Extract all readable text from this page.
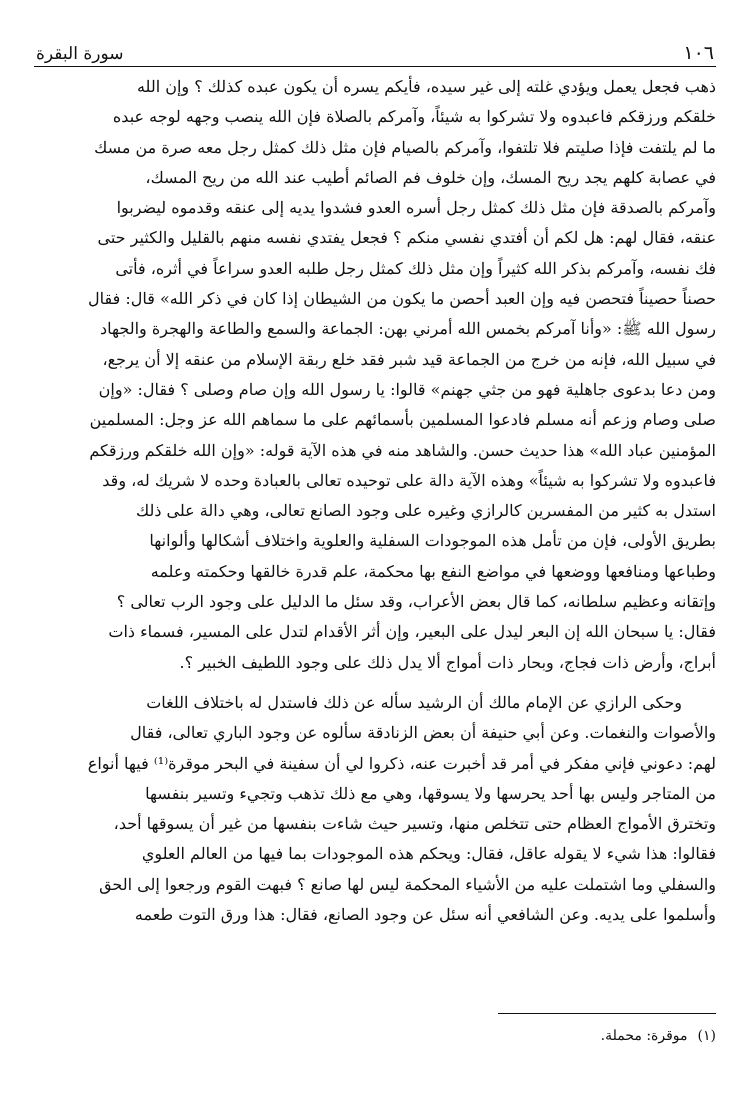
١٠٦
سورة البقرة
ذهب فجعل يعمل ويؤدي غلته إلى غير سيده، فأيكم يسره أن يكون عبده كذلك ؟ وإن الله
خلقكم ورزقكم فاعبدوه ولا تشركوا به شيئاً، وآمركم بالصلاة فإن الله ينصب وجهه لوجه عبده
ما لم يلتفت فإذا صليتم فلا تلتفوا، وآمركم بالصيام فإن مثل ذلك كمثل رجل معه صرة من مسك
في عصابة كلهم يجد ريح المسك، وإن خلوف فم الصائم أطيب عند الله من ريح المسك،
وآمركم بالصدقة فإن مثل ذلك كمثل رجل أسره العدو فشدوا يديه إلى عنقه وقدموه ليضربوا
عنقه، فقال لهم: هل لكم أن أفتدي نفسي منكم ؟ فجعل يفتدي نفسه منهم بالقليل والكثير حتى
فك نفسه، وآمركم بذكر الله كثيراً وإن مثل ذلك كمثل رجل طلبه العدو سراعاً في أثره، فأتى
حصناً حصيناً فتحصن فيه وإن العبد أحصن ما يكون من الشيطان إذا كان في ذكر الله» قال: فقال
رسول الله ﷺ: «وأنا آمركم بخمس الله أمرني بهن: الجماعة والسمع والطاعة والهجرة والجهاد
في سبيل الله، فإنه من خرج من الجماعة قيد شبر فقد خلع ربقة الإسلام من عنقه إلا أن يرجع،
ومن دعا بدعوى جاهلية فهو من جثي جهنم» قالوا: يا رسول الله وإن صام وصلى ؟ فقال: «وإن
صلى وصام وزعم أنه مسلم فادعوا المسلمين بأسمائهم على ما سماهم الله عز وجل: المسلمين
المؤمنين عباد الله» هذا حديث حسن. والشاهد منه في هذه الآية قوله: «وإن الله خلقكم ورزقكم
فاعبدوه ولا تشركوا به شيئاً» وهذه الآية دالة على توحيده تعالى بالعبادة وحده لا شريك له، وقد
استدل به كثير من المفسرين كالرازي وغيره على وجود الصانع تعالى، وهي دالة على ذلك
بطريق الأولى، فإن من تأمل هذه الموجودات السفلية والعلوية واختلاف أشكالها وألوانها
وطباعها ومنافعها ووضعها في مواضع النفع بها محكمة، علم قدرة خالقها وحكمته وعلمه
وإتقانه وعظيم سلطانه، كما قال بعض الأعراب، وقد سئل ما الدليل على وجود الرب تعالى ؟
فقال: يا سبحان الله إن البعر ليدل على البعير، وإن أثر الأقدام لتدل على المسير، فسماء ذات
أبراج، وأرض ذات فجاج، وبحار ذات أمواج ألا يدل ذلك على وجود اللطيف الخبير ؟.
وحكى الرازي عن الإمام مالك أن الرشيد سأله عن ذلك فاستدل له باختلاف اللغات
والأصوات والنغمات. وعن أبي حنيفة أن بعض الزنادقة سألوه عن وجود الباري تعالى، فقال
لهم: دعوني فإني مفكر في أمر قد أخبرت عنه، ذكروا لي أن سفينة في البحر موقرة⁽¹⁾ فيها أنواع
من المتاجر وليس بها أحد يحرسها ولا يسوقها، وهي مع ذلك تذهب وتجيء وتسير بنفسها
وتخترق الأمواج العظام حتى تتخلص منها، وتسير حيث شاءت بنفسها من غير أن يسوقها أحد،
فقالوا: هذا شيء لا يقوله عاقل، فقال: ويحكم هذه الموجودات بما فيها من العالم العلوي
والسفلي وما اشتملت عليه من الأشياء المحكمة ليس لها صانع ؟ فبهت القوم ورجعوا إلى الحق
وأسلموا على يديه. وعن الشافعي أنه سئل عن وجود الصانع، فقال: هذا ورق التوت طعمه
(١)موقرة: محملة.
